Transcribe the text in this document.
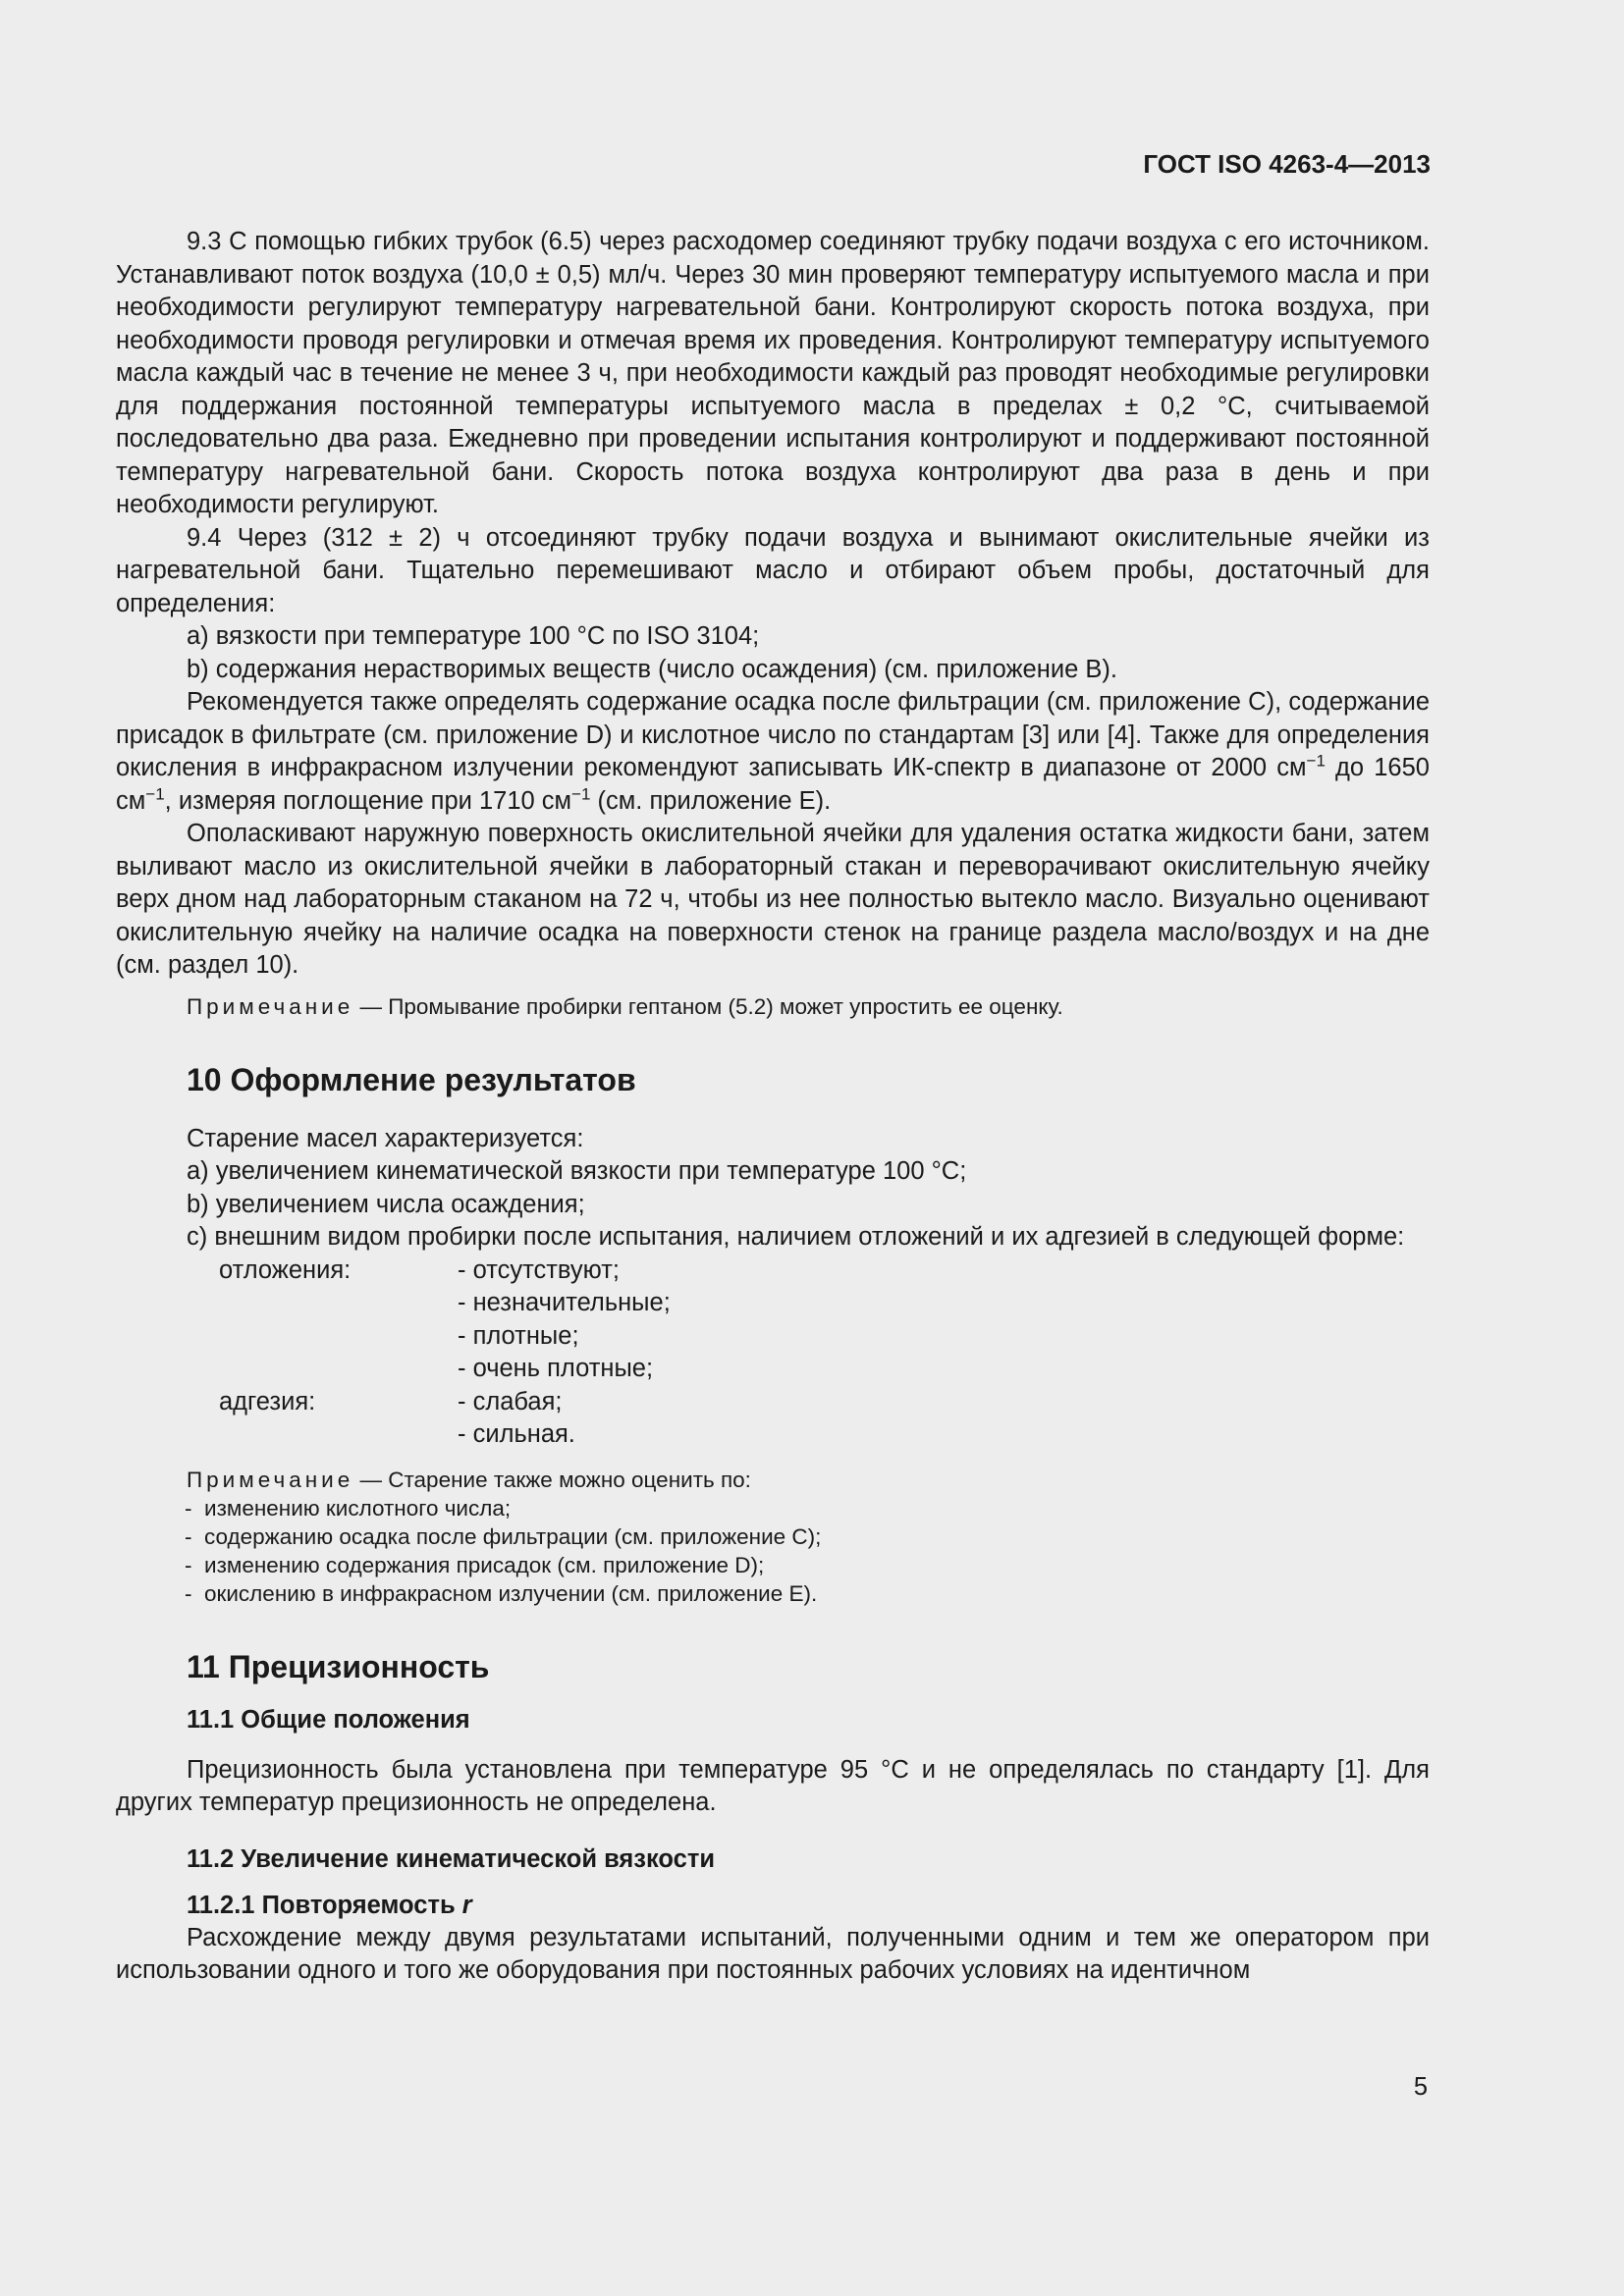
ГОСТ ISO 4263-4—2013

9.3 С помощью гибких трубок (6.5) через расходомер соединяют трубку подачи воздуха с его источником. Устанавливают поток воздуха (10,0 ± 0,5) мл/ч. Через 30 мин проверяют температуру испытуемого масла и при необходимости регулируют температуру нагревательной бани. Контролируют скорость потока воздуха, при необходимости проводя регулировки и отмечая время их проведения. Контролируют температуру испытуемого масла каждый час в течение не менее 3 ч, при необходимости каждый раз проводят необходимые регулировки для поддержания постоянной температуры испытуемого масла в пределах ± 0,2 °С, считываемой последовательно два раза. Ежедневно при проведении испытания контролируют и поддерживают постоянной температуру нагревательной бани. Скорость потока воздуха контролируют два раза в день и при необходимости регулируют.

9.4 Через (312 ± 2) ч отсоединяют трубку подачи воздуха и вынимают окислительные ячейки из нагревательной бани. Тщательно перемешивают масло и отбирают объем пробы, достаточный для определения:

а) вязкости при температуре 100 °С по ISO 3104;

b) содержания нерастворимых веществ (число осаждения) (см. приложение В).

Рекомендуется также определять содержание осадка после фильтрации (см. приложение С), содержание присадок в фильтрате (см. приложение D) и кислотное число по стандартам [3] или [4]. Также для определения окисления в инфракрасном излучении рекомендуют записывать ИК-спектр в диапазоне от 2000 $см^{-1}$ до 1650 $см^{-1}$, измеряя поглощение при 1710 $см^{-1}$ (см. приложение Е).

Ополаскивают наружную поверхность окислительной ячейки для удаления остатка жидкости бани, затем выливают масло из окислительной ячейки в лабораторный стакан и переворачивают окислительную ячейку верх дном над лабораторным стаканом на 72 ч, чтобы из нее полностью вытекло масло. Визуально оценивают окислительную ячейку на наличие осадка на поверхности стенок на границе раздела масло/воздух и на дне (см. раздел 10).

Примечание — Промывание пробирки гептаном (5.2) может упростить ее оценку.

10 Оформление результатов

Старение масел характеризуется:

а) увеличением кинематической вязкости при температуре 100 °С;

b) увеличением числа осаждения;

с) внешним видом пробирки после испытания, наличием отложений и их адгезией в следующей форме:

отложения:	- отсутствуют;
- незначительные;
- плотные;
- очень плотные;
адгезия:	- слабая;
- сильная.

Примечание — Старение также можно оценить по:

- изменению кислотного числа;
- содержанию осадка после фильтрации (см. приложение С);
- изменению содержания присадок (см. приложение D);
- окислению в инфракрасном излучении (см. приложение Е).
11 Прецизионность
11.1 Общие положения

Прецизионность была установлена при температуре 95 °С и не определялась по стандарту [1]. Для других температур прецизионность не определена.

11.2 Увеличение кинематической вязкости
11.2.1 Повторяемость r

Расхождение между двумя результатами испытаний, полученными одним и тем же оператором при использовании одного и того же оборудования при постоянных рабочих условиях на идентичном

5
